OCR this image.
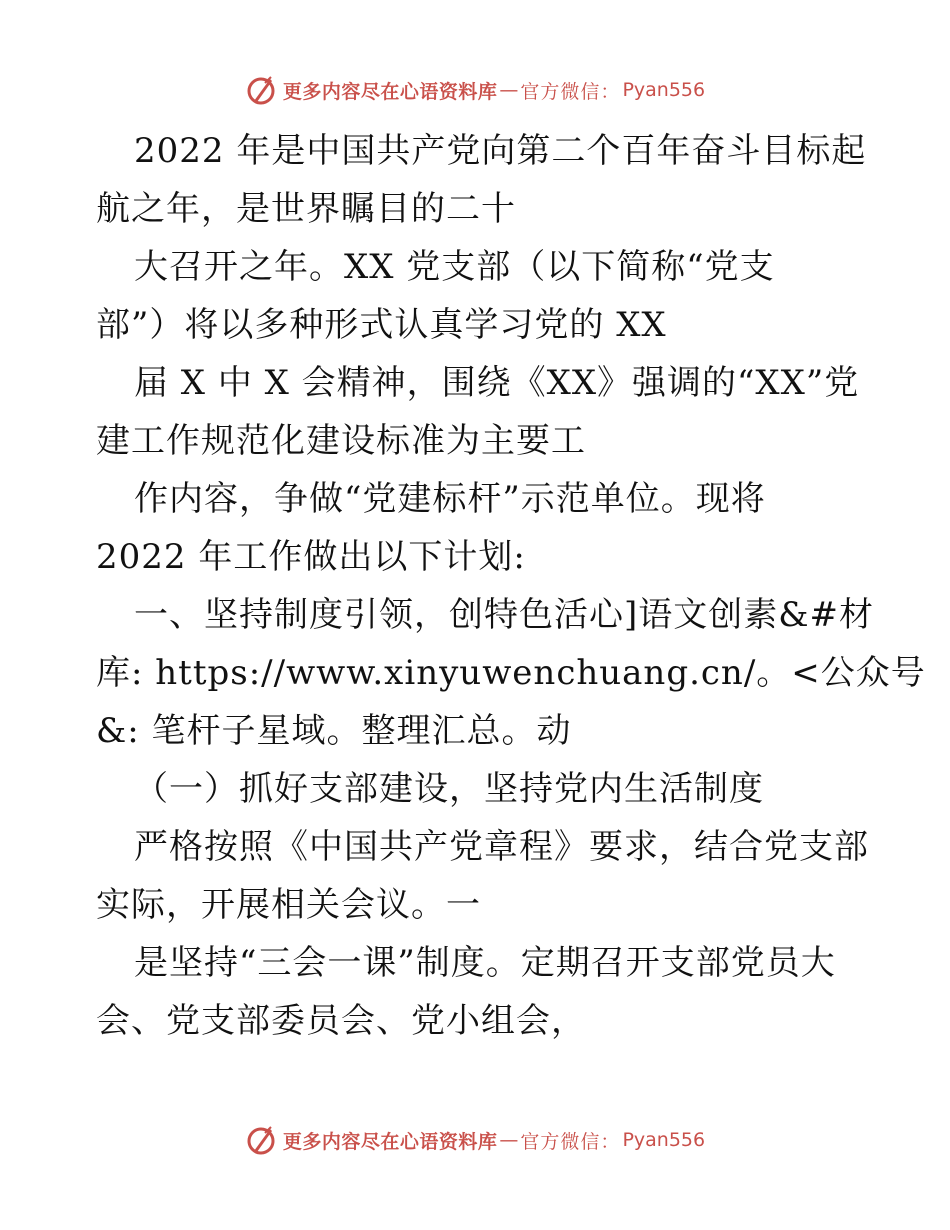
更多内容尽在心语资料库 — 官方微信： Pyan556
2022 年是中国共产党向第二个百年奋斗目标起
航之年，是世界瞩目的二十
大召开之年。XX 党支部（以下简称“党支
部”）将以多种形式认真学习党的 XX
届 X 中 X 会精神，围绕《XX》强调的“XX”党
建工作规范化建设标准为主要工
作内容，争做“党建标杆”示范单位。现将
2022 年工作做出以下计划:
一、坚持制度引领，创特色活心]语文创素&#材
库: https://www.xinyuwenchuang.cn/。<公众号
&: 笔杆子星域。整理汇总。动
（一）抓好支部建设，坚持党内生活制度
严格按照《中国共产党章程》要求，结合党支部
实际，开展相关会议。一
是坚持“三会一课”制度。定期召开支部党员大
会、党支部委员会、党小组会，
更多内容尽在心语资料库 — 官方微信： Pyan556
